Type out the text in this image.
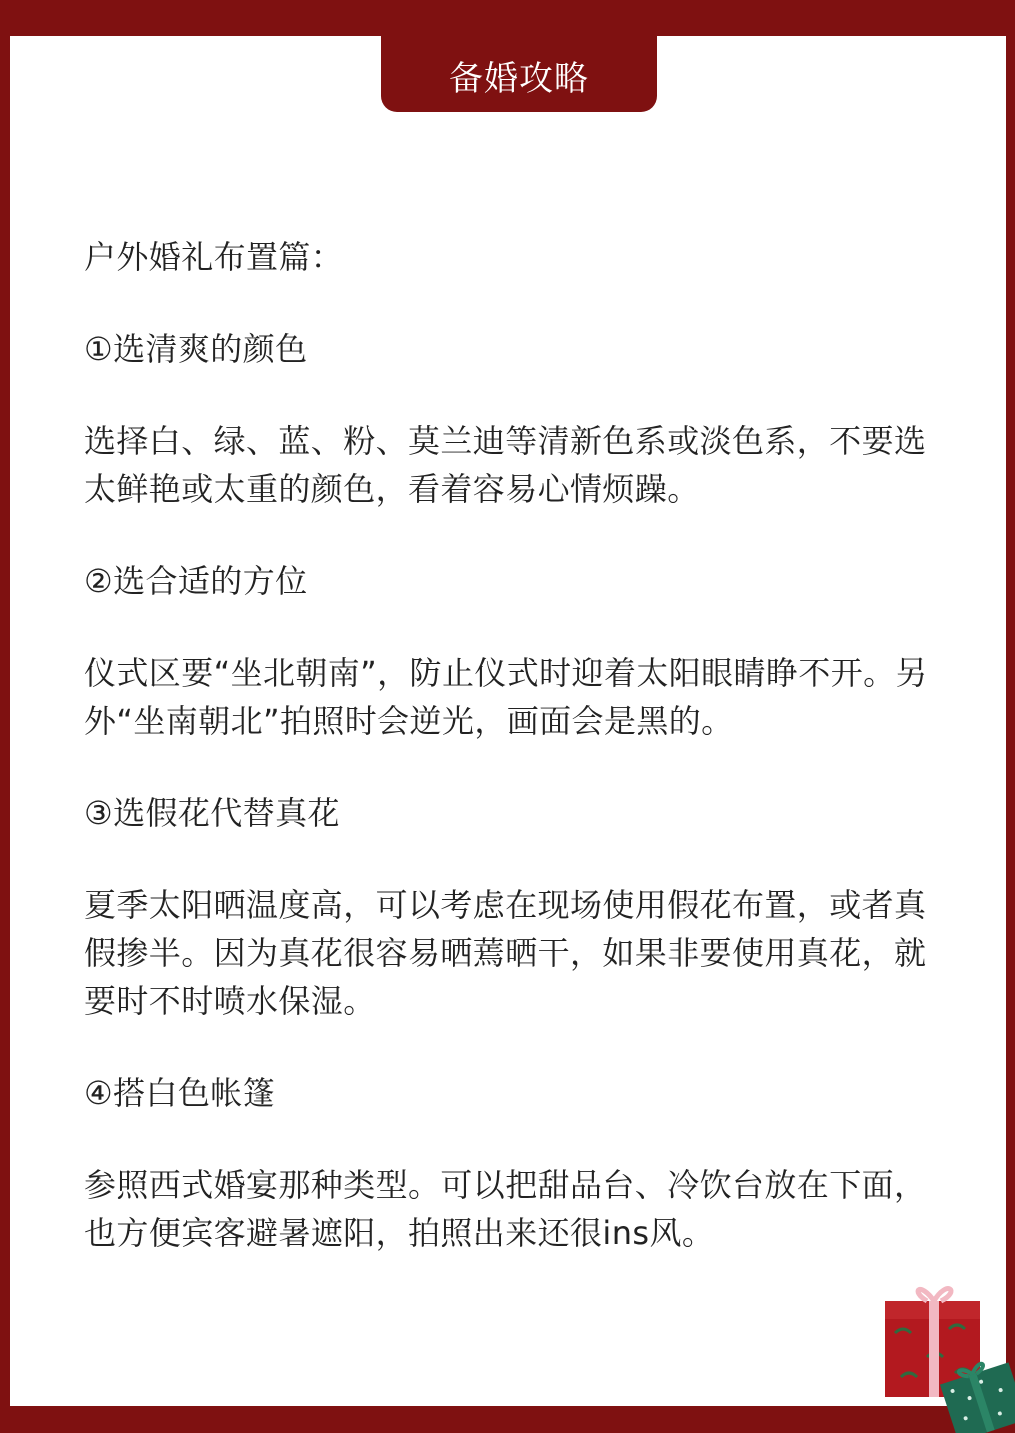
备婚攻略

户外婚礼布置篇：

①选清爽的颜色

选择白、绿、蓝、粉、莫兰迪等清新色系或淡色系，不要选太鲜艳或太重的颜色，看着容易心情烦躁。

②选合适的方位

仪式区要“坐北朝南”，防止仪式时迎着太阳眼睛睁不开。另外“坐南朝北”拍照时会逆光，画面会是黑的。

③选假花代替真花

夏季太阳晒温度高，可以考虑在现场使用假花布置，或者真假掺半。因为真花很容易晒蔫晒干，如果非要使用真花，就要时不时喷水保湿。

④搭白色帐篷

参照西式婚宴那种类型。可以把甜品台、冷饮台放在下面，也方便宾客避暑遮阳，拍照出来还很ins风。
